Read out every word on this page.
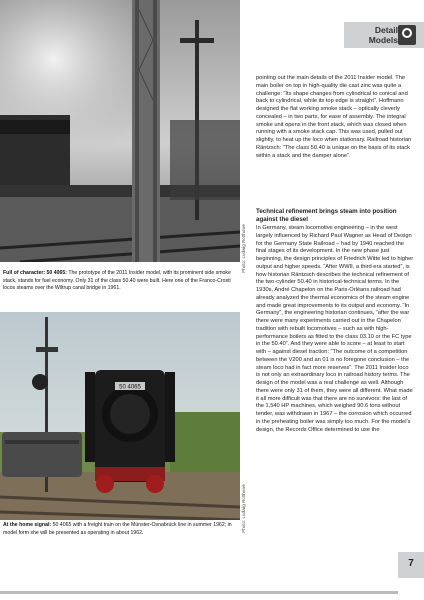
Photo: Ludwig Rotthowe
Full of character: 50 4065: The prototype of the 2011 Insider model, with its prominent side smoke stack, stands for fuel economy. Only 31 of the class 50.40 were built. Here one of the Franco-Crosti locos steams over the Wiltrup canal bridge in 1961.
50 4065
Photo: Ludwig Rotthowe
At the home signal: 50 4065 with a freight train on the Münster-Osnabrück line in summer 1962; in model form she will be presented as operating in about 1962.
Detail Models

pointing out the main details of the 2011 Insider model. The main boiler on top in high-quality die cast zinc was quite a challenge: “Its shape changes from cylindrical to conical and back to cylindrical, while its top edge is straight”. Hoffmann designed the flat working smoke stack – optically cleverly concealed – in two parts, for ease of assembly. The integral smoke unit opens in the front stack, which was closed when running with a smoke stack cap. This was used, pulled out slightly, to heat up the loco when stationary. Railroad historian Räntzsch: “The class 50.40 is unique on the basis of its stack within a stack and the damper alone”.

Technical refinement brings steam into position against the diesel

In Germany, steam locomotive engineering – in the west largely influenced by Richard Paul Wagner as Head of Design for the Germany State Railroad – had by 1940 reached the final stages of its development. In the new phase just beginning, the design principles of Friedrich Witte led to higher output and higher speeds. “After WWII, a third era started”, is how historian Räntzsch describes the technical refinement of the two-cylinder 50.40 in historical-technical terms. In the 1930s, André Chapelon on the Paris-Orléans railroad had already analyzed the thermal economics of the steam engine and made great improvements to its output and economy. “In Germany”, the engineering historian continues, “after the war there were many experiments carried out in the Chapelon tradition with rebuilt locomotives – such as with high-performance boilers as fitted to the class 03.10 or the FC type in the 50.40”. And they were able to score – at least to start with – against diesel traction: “The outcome of a competition between the V200 and an 01 is no foregone conclusion – the steam loco had in fact more reserves”. The 2011 Insider loco is not only an extraordinary loco in railroad history terms. The design of the model was a real challenge as well. Although there were only 31 of them, they were all different. What made it all more difficult was that there are no survivors: the last of the 1,540 HP machines, which weighed 90.6 tons without tender, was withdrawn in 1967 – the corrosion which occurred in the preheating boiler was simply too much. For the model’s design, the Records Office determined to use the

7
